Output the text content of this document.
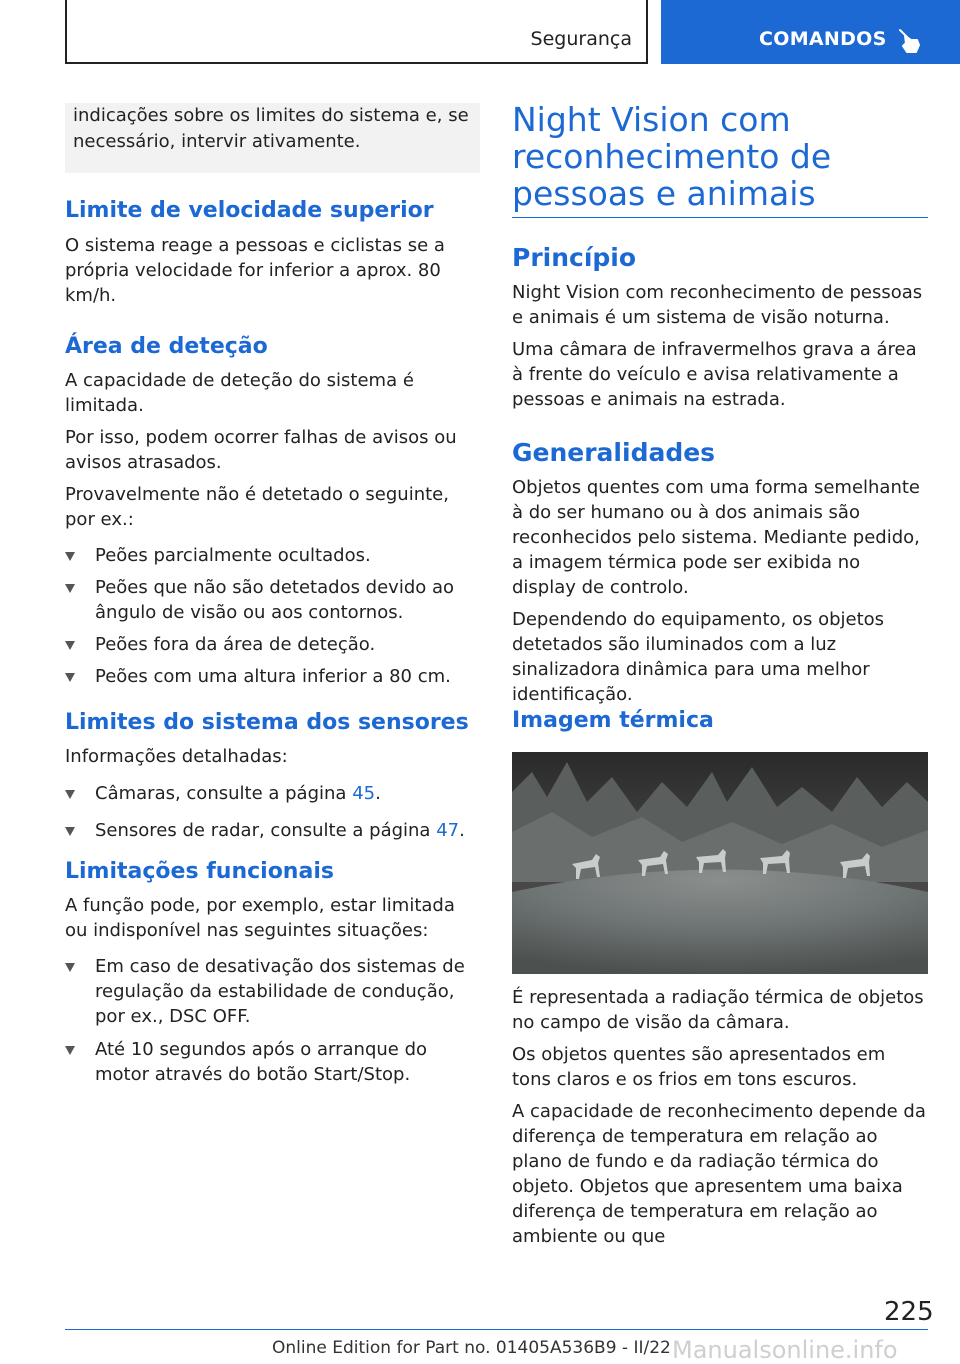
Segurança	COMANDOS

indicações sobre os limites do sistema e, se necessário, intervir ativamente.

Limite de velocidade superior

O sistema reage a pessoas e ciclistas se a própria velocidade for inferior a aprox. 80 km/h.

Área de deteção

A capacidade de deteção do sistema é limitada.

Por isso, podem ocorrer falhas de avisos ou avisos atrasados.

Provavelmente não é detetado o seguinte, por ex.:

Peões parcialmente ocultados.
Peões que não são detetados devido ao ângulo de visão ou aos contornos.
Peões fora da área de deteção.
Peões com uma altura inferior a 80 cm.
Limites do sistema dos sensores

Informações detalhadas:

Câmaras, consulte a página 45.
Sensores de radar, consulte a página 47.
Limitações funcionais

A função pode, por exemplo, estar limitada ou indisponível nas seguintes situações:

Em caso de desativação dos sistemas de regulação da estabilidade de condução, por ex., DSC OFF.
Até 10 segundos após o arranque do motor através do botão Start/Stop.
Night Vision com reconhecimento de pessoas e animais
Princípio

Night Vision com reconhecimento de pessoas e animais é um sistema de visão noturna.

Uma câmara de infravermelhos grava a área à frente do veículo e avisa relativamente a pessoas e animais na estrada.

Generalidades

Objetos quentes com uma forma semelhante à do ser humano ou à dos animais são reconhecidos pelo sistema. Mediante pedido, a imagem térmica pode ser exibida no display de controlo.

Dependendo do equipamento, os objetos detetados são iluminados com a luz sinalizadora dinâmica para uma melhor identificação.

Imagem térmica

É representada a radiação térmica de objetos no campo de visão da câmara.

Os objetos quentes são apresentados em tons claros e os frios em tons escuros.

A capacidade de reconhecimento depende da diferença de temperatura em relação ao plano de fundo e da radiação térmica do objeto. Objetos que apresentem uma baixa diferença de temperatura em relação ao ambiente ou que

225
Online Edition for Part no. 01405A536B9 - II/22 Manualsonline.info
